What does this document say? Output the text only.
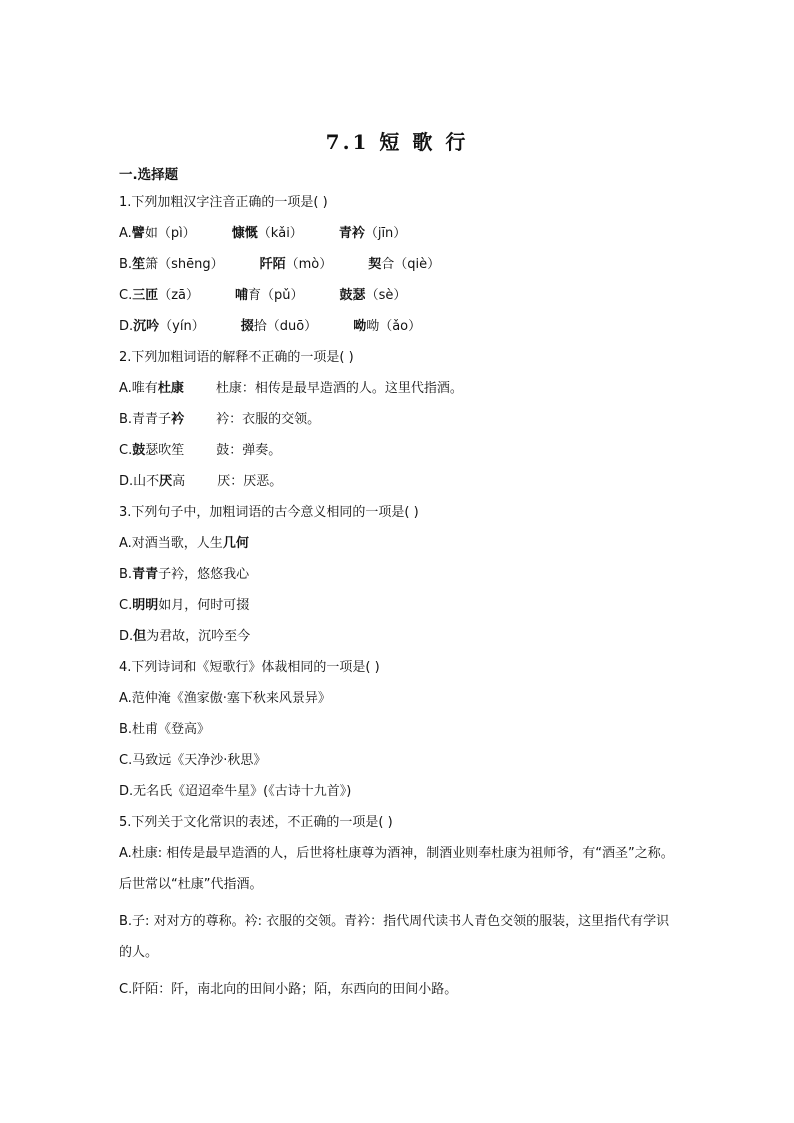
7.1 短 歌 行
一.选择题
1.下列加粗汉字注音正确的一项是( )
A.譬如（pì）	慷慨（kǎi）	青衿（jīn）
B.笙箫（shēng）	阡陌（mò）	契合（qiè）
C.三匝（zā）	哺育（pǔ）	鼓瑟（sè）
D.沉吟（yín）	掇拾（duō）	呦呦（ǎo）
2.下列加粗词语的解释不正确的一项是( )
A.唯有杜康 杜康：相传是最早造酒的人。这里代指酒。
B.青青子衿 衿：衣服的交领。
C.鼓瑟吹笙 鼓：弹奏。
D.山不厌高 厌：厌恶。
3.下列句子中，加粗词语的古今意义相同的一项是( )
A.对酒当歌，人生几何
B.青青子衿，悠悠我心
C.明明如月，何时可掇
D.但为君故，沉吟至今
4.下列诗词和《短歌行》体裁相同的一项是( )
A.范仲淹《渔家傲·塞下秋来风景异》
B.杜甫《登高》
C.马致远《天净沙·秋思》
D.无名氏《迢迢牵牛星》(《古诗十九首》)
5.下列关于文化常识的表述，不正确的一项是( )
A.杜康: 相传是最早造酒的人，后世将杜康尊为酒神，制酒业则奉杜康为祖师爷，有“酒圣”之称。后世常以“杜康”代指酒。
B.子: 对对方的尊称。衿: 衣服的交领。青衿：指代周代读书人青色交领的服装，这里指代有学识的人。
C.阡陌：阡，南北向的田间小路；陌，东西向的田间小路。
